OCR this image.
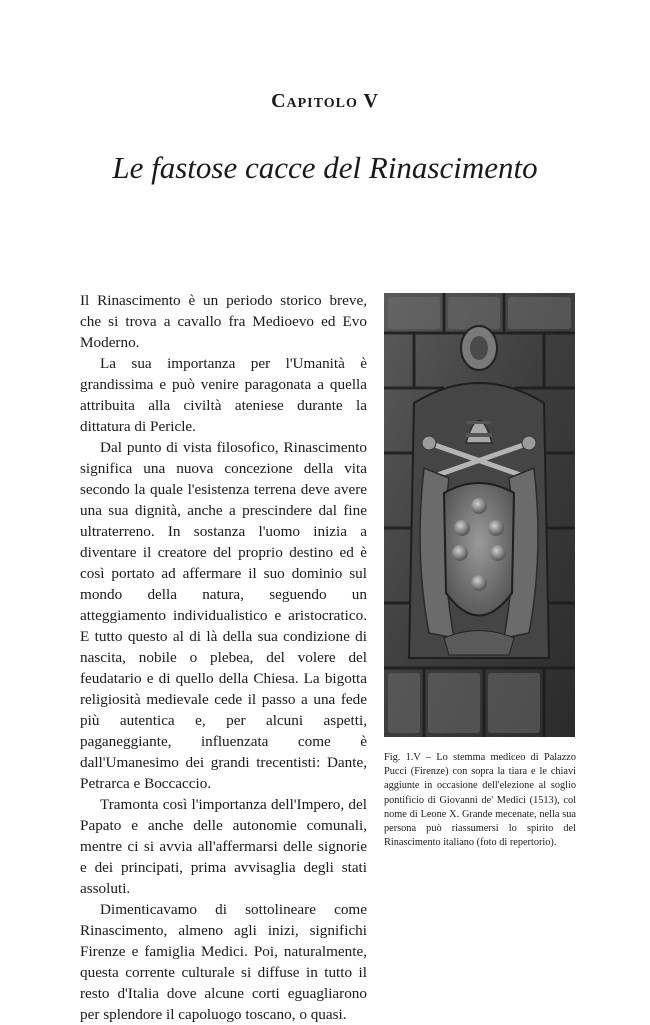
Capitolo V
Le fastose cacce del Rinascimento

Il Rinascimento è un periodo storico breve, che si trova a cavallo fra Medioevo ed Evo Moderno.

La sua importanza per l'Umanità è grandissima e può venire paragonata a quella attribuita alla civiltà ateniese durante la dittatura di Pericle.

Dal punto di vista filosofico, Rinascimento significa una nuova concezione della vita secondo la quale l'esistenza terrena deve avere una sua dignità, anche a prescindere dal fine ultraterreno. In sostanza l'uomo inizia a diventare il creatore del proprio destino ed è così portato ad affermare il suo dominio sul mondo della natura, seguendo un atteggiamento individualistico e aristocratico. E tutto questo al di là della sua condizione di nascita, nobile o plebea, del volere del feudatario e di quello della Chiesa. La bigotta religiosità medievale cede il passo a una fede più autentica e, per alcuni aspetti, paganeggiante, influenzata come è dall'Umanesimo dei grandi trecentisti: Dante, Petrarca e Boccaccio.

Tramonta così l'importanza dell'Impero, del Papato e anche delle autonomie comunali, mentre ci si avvia all'affermarsi delle signorie e dei principati, prima avvisaglia degli stati assoluti.

Dimenticavamo di sottolineare come Rinascimento, almeno agli inizi, significhi Firenze e famiglia Medici. Poi, naturalmente, questa corrente culturale si diffuse in tutto il resto d'Italia dove alcune corti eguagliarono per splendore il capoluogo toscano, o quasi.

Fig. 1.V – Lo stemma mediceo di Palazzo Pucci (Firenze) con sopra la tiara e le chiavi aggiunte in occasione dell'elezione al soglio pontificio di Giovanni de' Medici (1513), col nome di Leone X. Grande mecenate, nella sua persona può riassumersi lo spirito del Rinascimento italiano (foto di repertorio).
